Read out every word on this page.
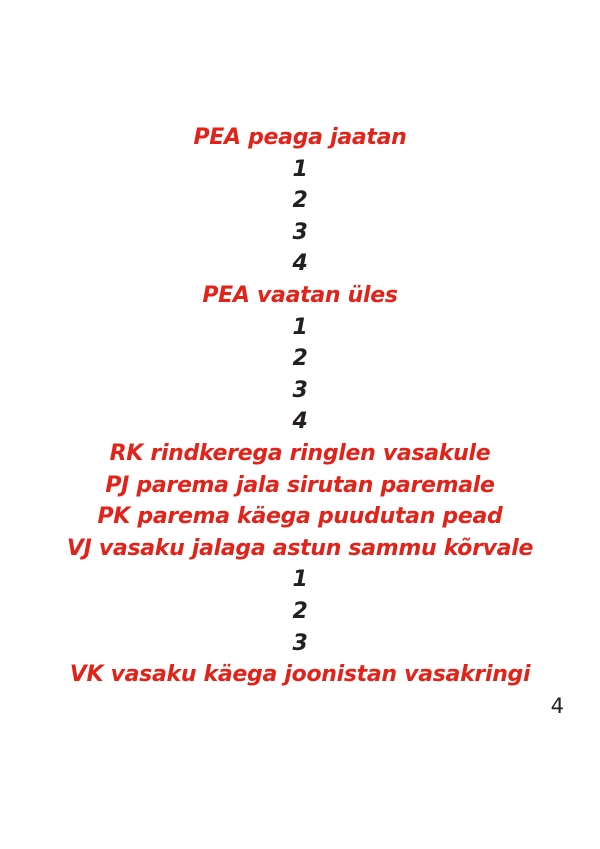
PEA peaga jaatan
1
2
3
4
PEA vaatan üles
1
2
3
4
RK rindkerega ringlen vasakule
PJ parema jala sirutan paremale
PK parema käega puudutan pead
VJ vasaku jalaga astun sammu kõrvale
1
2
3
VK vasaku käega joonistan vasakringi
4
